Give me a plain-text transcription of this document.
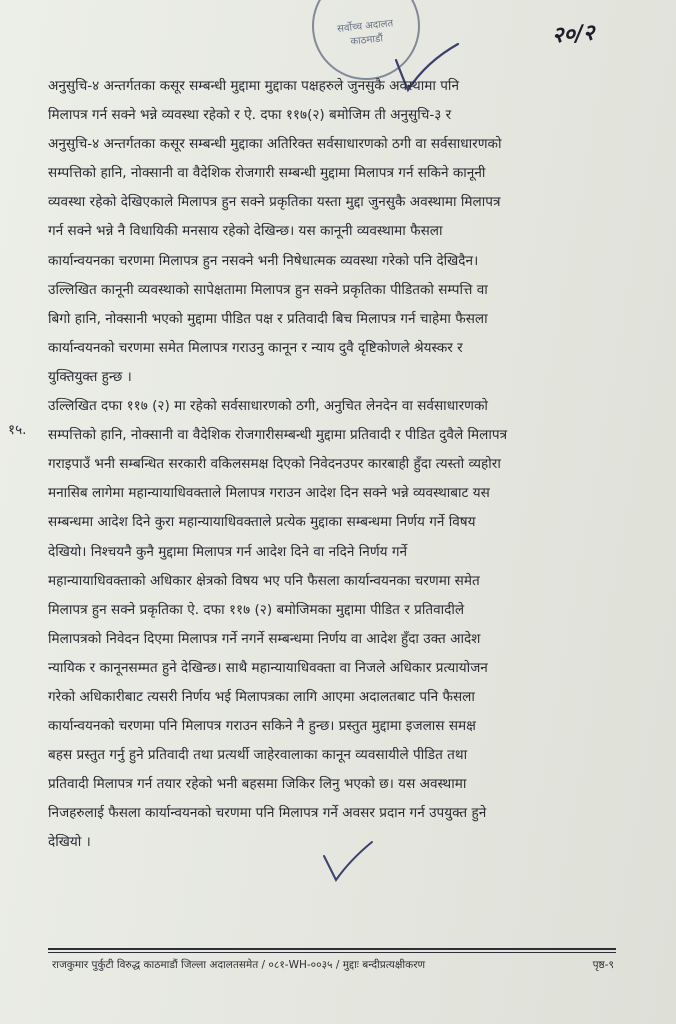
सर्वोच्च अदालत काठमाडौं	२०/२
१५.
अनुसुचि-४ अन्तर्गतका कसूर सम्बन्धी मुद्दामा मुद्दाका पक्षहरुले जुनसुकै अवस्थामा पनि
मिलापत्र गर्न सक्ने भन्ने व्यवस्था रहेको र ऐ. दफा ११७(२) बमोजिम ती अनुसुचि-३ र
अनुसुचि-४ अन्तर्गतका कसूर सम्बन्धी मुद्दाका अतिरिक्त सर्वसाधारणको ठगी वा सर्वसाधारणको
सम्पत्तिको हानि, नोक्सानी वा वैदेशिक रोजगारी सम्बन्धी मुद्दामा मिलापत्र गर्न सकिने कानूनी
व्यवस्था रहेको देखिएकाले मिलापत्र हुन सक्ने प्रकृतिका यस्ता मुद्दा जुनसुकै अवस्थामा मिलापत्र
गर्न सक्ने भन्ने नै विधायिकी मनसाय रहेको देखिन्छ। यस कानूनी व्यवस्थामा फैसला
कार्यान्वयनका चरणमा मिलापत्र हुन नसक्ने भनी निषेधात्मक व्यवस्था गरेको पनि देखिदैन।
उल्लिखित कानूनी व्यवस्थाको सापेक्षतामा मिलापत्र हुन सक्ने प्रकृतिका पीडितको सम्पत्ति वा
बिगो हानि, नोक्सानी भएको मुद्दामा पीडित पक्ष र प्रतिवादी बिच मिलापत्र गर्न चाहेमा फैसला
कार्यान्वयनको चरणमा समेत मिलापत्र गराउनु कानून र न्याय दुवै दृष्टिकोणले श्रेयस्कर र
युक्तियुक्त हुन्छ ।
उल्लिखित दफा ११७ (२) मा रहेको सर्वसाधारणको ठगी, अनुचित लेनदेन वा सर्वसाधारणको
सम्पत्तिको हानि, नोक्सानी वा वैदेशिक रोजगारीसम्बन्धी मुद्दामा प्रतिवादी र पीडित दुवैले मिलापत्र
गराइपाउँ भनी सम्बन्धित सरकारी वकिलसमक्ष दिएको निवेदनउपर कारबाही हुँदा त्यस्तो व्यहोरा
मनासिब लागेमा महान्यायाधिवक्ताले मिलापत्र गराउन आदेश दिन सक्ने भन्ने व्यवस्थाबाट यस
सम्बन्धमा आदेश दिने कुरा महान्यायाधिवक्ताले प्रत्येक मुद्दाका सम्बन्धमा निर्णय गर्ने विषय
देखियो। निश्चयनै कुनै मुद्दामा मिलापत्र गर्न आदेश दिने वा नदिने निर्णय गर्ने
महान्यायाधिवक्ताको अधिकार क्षेत्रको विषय भए पनि फैसला कार्यान्वयनका चरणमा समेत
मिलापत्र हुन सक्ने प्रकृतिका ऐ. दफा ११७ (२) बमोजिमका मुद्दामा पीडित र प्रतिवादीले
मिलापत्रको निवेदन दिएमा मिलापत्र गर्ने नगर्ने सम्बन्धमा निर्णय वा आदेश हुँदा उक्त आदेश
न्यायिक र कानूनसम्मत हुने देखिन्छ। साथै महान्यायाधिवक्ता वा निजले अधिकार प्रत्यायोजन
गरेको अधिकारीबाट त्यसरी निर्णय भई मिलापत्रका लागि आएमा अदालतबाट पनि फैसला
कार्यान्वयनको चरणमा पनि मिलापत्र गराउन सकिने नै हुन्छ। प्रस्तुत मुद्दामा इजलास समक्ष
बहस प्रस्तुत गर्नु हुने प्रतिवादी तथा प्रत्यर्थी जाहेरवालाका कानून व्यवसायीले पीडित तथा
प्रतिवादी मिलापत्र गर्न तयार रहेको भनी बहसमा जिकिर लिनु भएको छ। यस अवस्थामा
निजहरुलाई फैसला कार्यान्वयनको चरणमा पनि मिलापत्र गर्ने अवसर प्रदान गर्न उपयुक्त हुने
देखियो ।
राजकुमार पुर्कुटी विरुद्ध काठमाडौं जिल्ला अदालतसमेत / ०८१-WH-००३५ / मुद्दाः बन्दीप्रत्यक्षीकरण	पृष्ठ-९
